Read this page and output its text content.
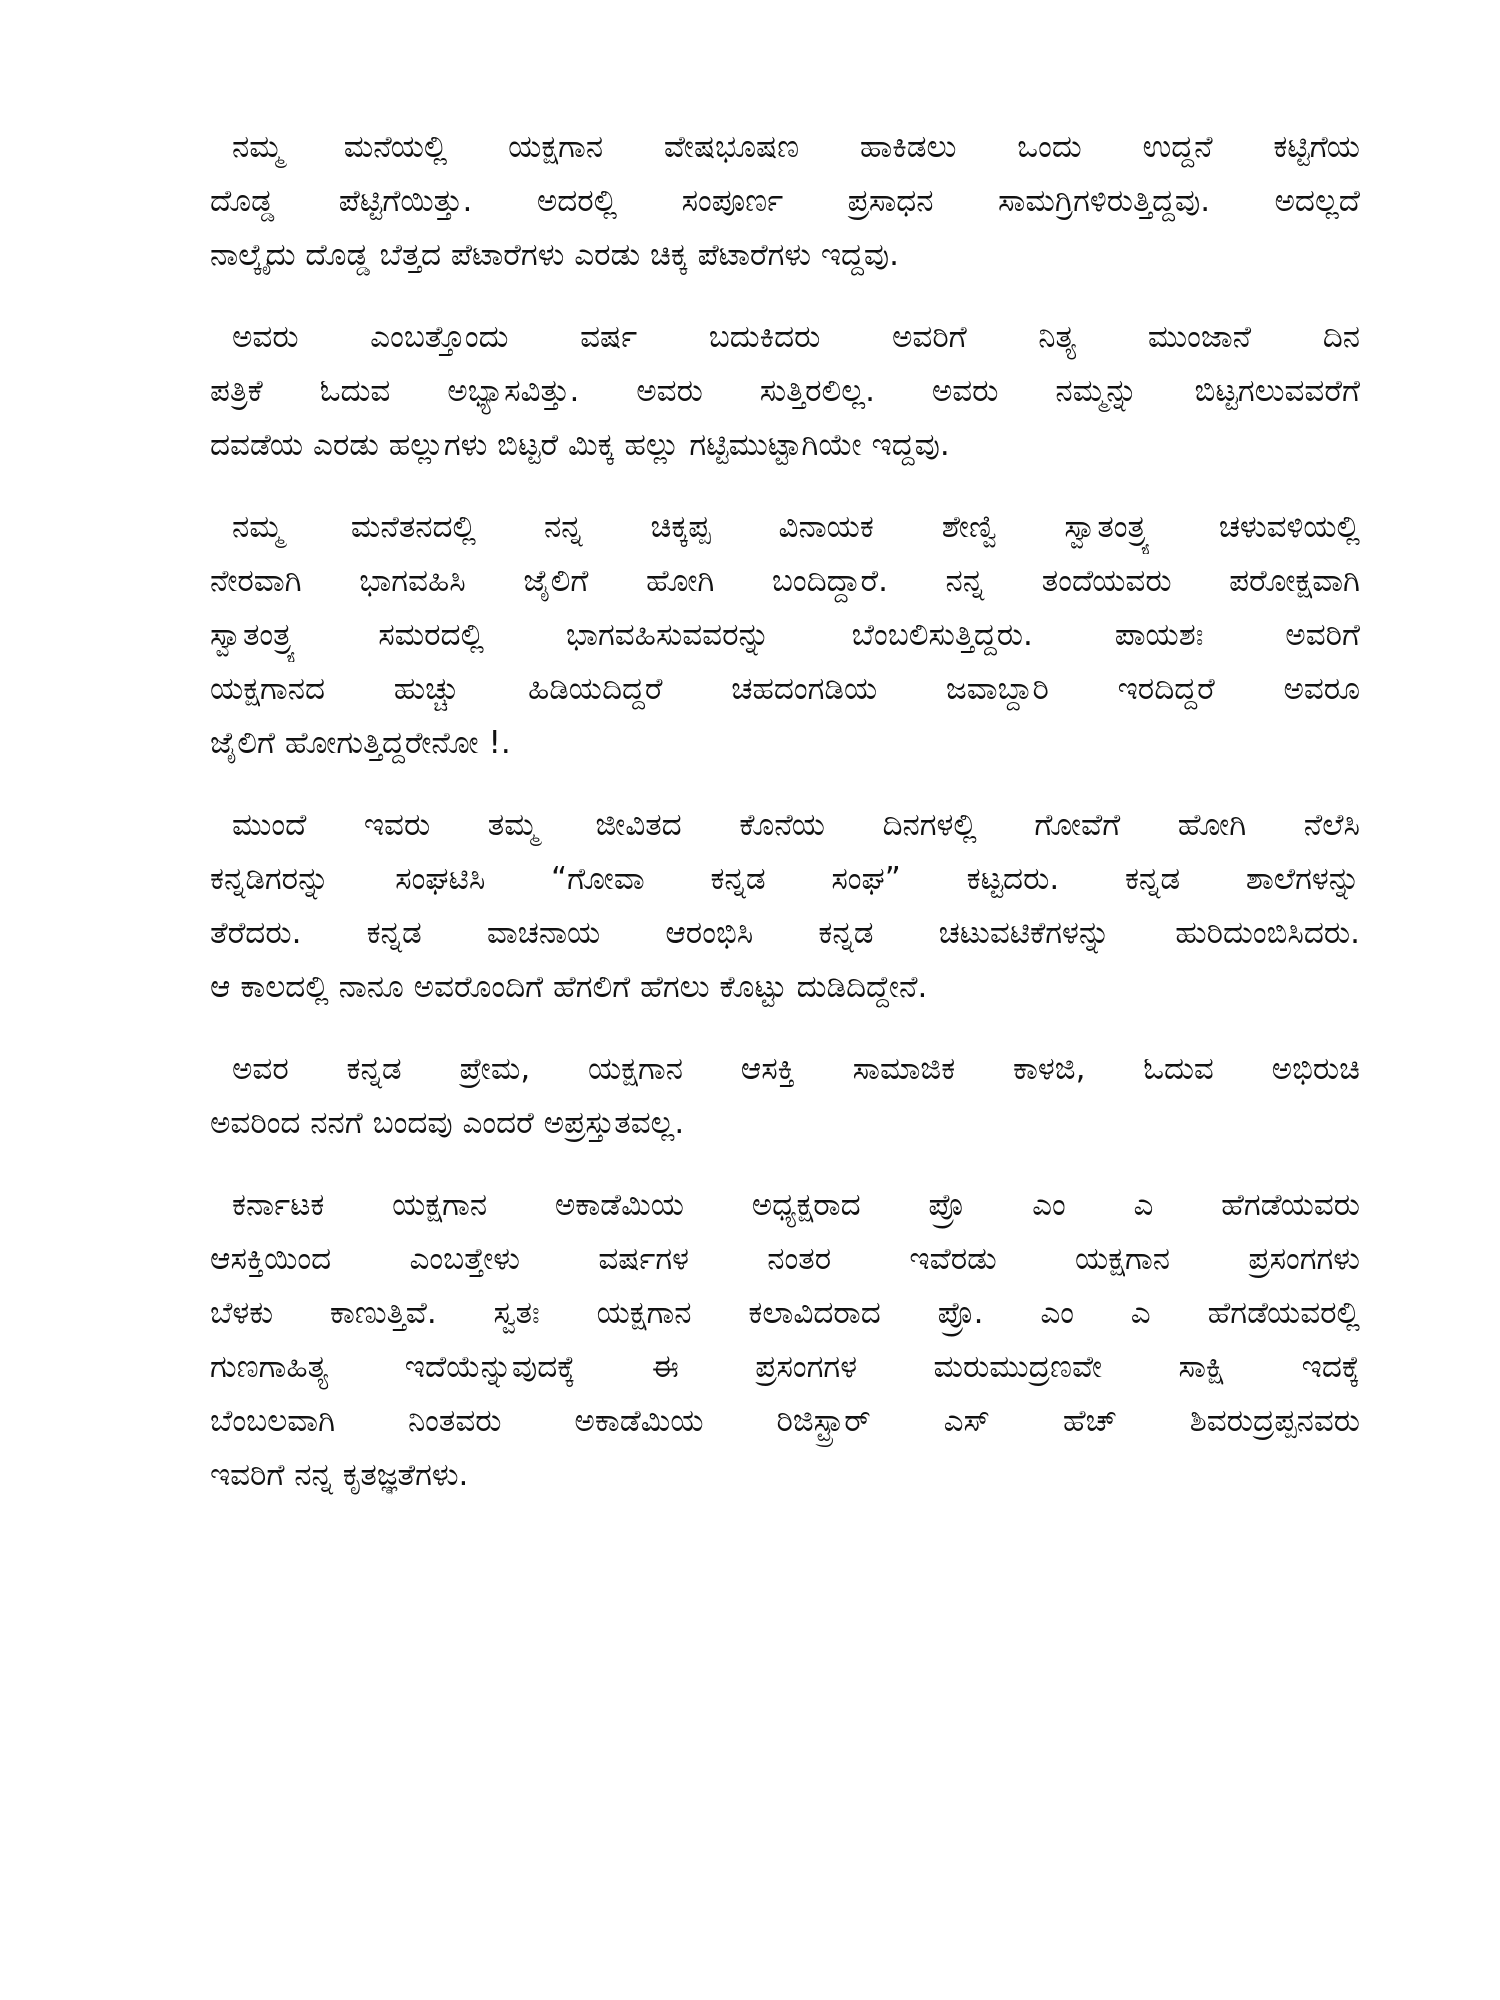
ನಮ್ಮ ಮನೆಯಲ್ಲಿ ಯಕ್ಷಗಾನ ವೇಷಭೂಷಣ ಹಾಕಿಡಲು ಒಂದು ಉದ್ದನೆ ಕಟ್ಟಿಗೆಯ
ದೊಡ್ಡ ಪೆಟ್ಟಿಗೆಯಿತ್ತು. ಅದರಲ್ಲಿ ಸಂಪೂರ್ಣ ಪ್ರಸಾಧನ ಸಾಮಗ್ರಿಗಳಿರುತ್ತಿದ್ದವು. ಅದಲ್ಲದೆ
ನಾಲ್ಕೈದು ದೊಡ್ಡ ಬೆತ್ತದ ಪೆಟಾರೆಗಳು ಎರಡು ಚಿಕ್ಕ ಪೆಟಾರೆಗಳು ಇದ್ದವು.
ಅವರು ಎಂಬತ್ತೊಂದು ವರ್ಷ ಬದುಕಿದರು ಅವರಿಗೆ ನಿತ್ಯ ಮುಂಜಾನೆ ದಿನ
ಪತ್ರಿಕೆ ಓದುವ ಅಭ್ಯಾಸವಿತ್ತು. ಅವರು ಸುತ್ತಿರಲಿಲ್ಲ. ಅವರು ನಮ್ಮನ್ನು ಬಿಟ್ಟಗಲುವವರೆಗೆ
ದವಡೆಯ ಎರಡು ಹಲ್ಲುಗಳು ಬಿಟ್ಟರೆ ಮಿಕ್ಕ ಹಲ್ಲು ಗಟ್ಟಿಮುಟ್ಟಾಗಿಯೇ ಇದ್ದವು.
ನಮ್ಮ ಮನೆತನದಲ್ಲಿ ನನ್ನ ಚಿಕ್ಕಪ್ಪ ವಿನಾಯಕ ಶೇಣ್ವಿ ಸ್ವಾತಂತ್ರ್ಯ ಚಳುವಳಿಯಲ್ಲಿ
ನೇರವಾಗಿ ಭಾಗವಹಿಸಿ ಜೈಲಿಗೆ ಹೋಗಿ ಬಂದಿದ್ದಾರೆ. ನನ್ನ ತಂದೆಯವರು ಪರೋಕ್ಷವಾಗಿ
ಸ್ವಾತಂತ್ರ್ಯ ಸಮರದಲ್ಲಿ ಭಾಗವಹಿಸುವವರನ್ನು ಬೆಂಬಲಿಸುತ್ತಿದ್ದರು. ಪಾಯಶಃ ಅವರಿಗೆ
ಯಕ್ಷಗಾನದ ಹುಚ್ಚು ಹಿಡಿಯದಿದ್ದರೆ ಚಹದಂಗಡಿಯ ಜವಾಬ್ದಾರಿ ಇರದಿದ್ದರೆ ಅವರೂ
ಜೈಲಿಗೆ ಹೋಗುತ್ತಿದ್ದರೇನೋ !.
ಮುಂದೆ ಇವರು ತಮ್ಮ ಜೀವಿತದ ಕೊನೆಯ ದಿನಗಳಲ್ಲಿ ಗೋವೆಗೆ ಹೋಗಿ ನೆಲೆಸಿ
ಕನ್ನಡಿಗರನ್ನು ಸಂಘಟಿಸಿ “ಗೋವಾ ಕನ್ನಡ ಸಂಘ” ಕಟ್ಟದರು. ಕನ್ನಡ ಶಾಲೆಗಳನ್ನು
ತೆರೆದರು. ಕನ್ನಡ ವಾಚನಾಯ ಆರಂಭಿಸಿ ಕನ್ನಡ ಚಟುವಟಿಕೆಗಳನ್ನು ಹುರಿದುಂಬಿಸಿದರು.
ಆ ಕಾಲದಲ್ಲಿ ನಾನೂ ಅವರೊಂದಿಗೆ ಹೆಗಲಿಗೆ ಹೆಗಲು ಕೊಟ್ಟು ದುಡಿದಿದ್ದೇನೆ.
ಅವರ ಕನ್ನಡ ಪ್ರೇಮ, ಯಕ್ಷಗಾನ ಆಸಕ್ತಿ ಸಾಮಾಜಿಕ ಕಾಳಜಿ, ಓದುವ ಅಭಿರುಚಿ
ಅವರಿಂದ ನನಗೆ ಬಂದವು ಎಂದರೆ ಅಪ್ರಸ್ತುತವಲ್ಲ.
ಕರ್ನಾಟಕ ಯಕ್ಷಗಾನ ಅಕಾಡೆಮಿಯ ಅಧ್ಯಕ್ಷರಾದ ಪ್ರೊ ಎಂ ಎ ಹೆಗಡೆಯವರು
ಆಸಕ್ತಿಯಿಂದ ಎಂಬತ್ತೇಳು ವರ್ಷಗಳ ನಂತರ ಇವೆರಡು ಯಕ್ಷಗಾನ ಪ್ರಸಂಗಗಳು
ಬೆಳಕು ಕಾಣುತ್ತಿವೆ. ಸ್ವತಃ ಯಕ್ಷಗಾನ ಕಲಾವಿದರಾದ ಪ್ರೊ. ಎಂ ಎ ಹೆಗಡೆಯವರಲ್ಲಿ
ಗುಣಗಾಹಿತ್ಯ ಇದೆಯೆನ್ನುವುದಕ್ಕೆ ಈ ಪ್ರಸಂಗಗಳ ಮರುಮುದ್ರಣವೇ ಸಾಕ್ಷಿ ಇದಕ್ಕೆ
ಬೆಂಬಲವಾಗಿ ನಿಂತವರು ಅಕಾಡೆಮಿಯ ರಿಜಿಸ್ಟ್ರಾರ್ ಎಸ್ ಹೆಚ್ ಶಿವರುದ್ರಪ್ಪನವರು
ಇವರಿಗೆ ನನ್ನ ಕೃತಜ್ಞತೆಗಳು.
